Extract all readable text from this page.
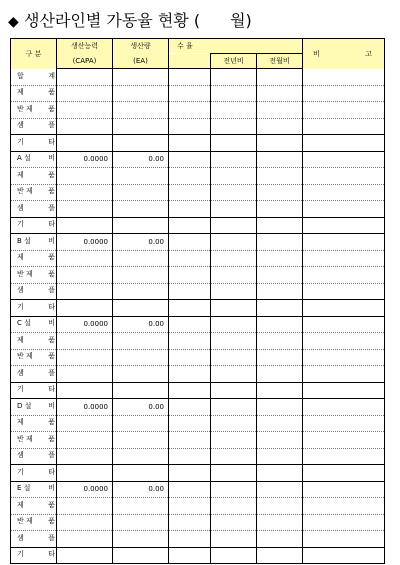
◆ 생산라인별 가동율 현황 ( 월)
구 분	생산능력	생산량	수 율			비 고

	(CAPA)	(EA)		전년비	전월비	

합 계						

제 품						

반 제 품						

샘 플						

기 타						

A 설 비	0.0000	0.00				

제 품						

반 제 품						

샘 플						

기 타						

B 설 비	0.0000	0.00				

제 품						

반 제 품						

샘 플						

기 타						

C 설 비	0.0000	0.00				

제 품						

반 제 품						

샘 플						

기 타						

D 설 비	0.0000	0.00				

제 품						

반 제 품						

샘 플						

기 타						

E 설 비	0.0000	0.00				

제 품						

반 제 품						

샘 플						

기 타						
